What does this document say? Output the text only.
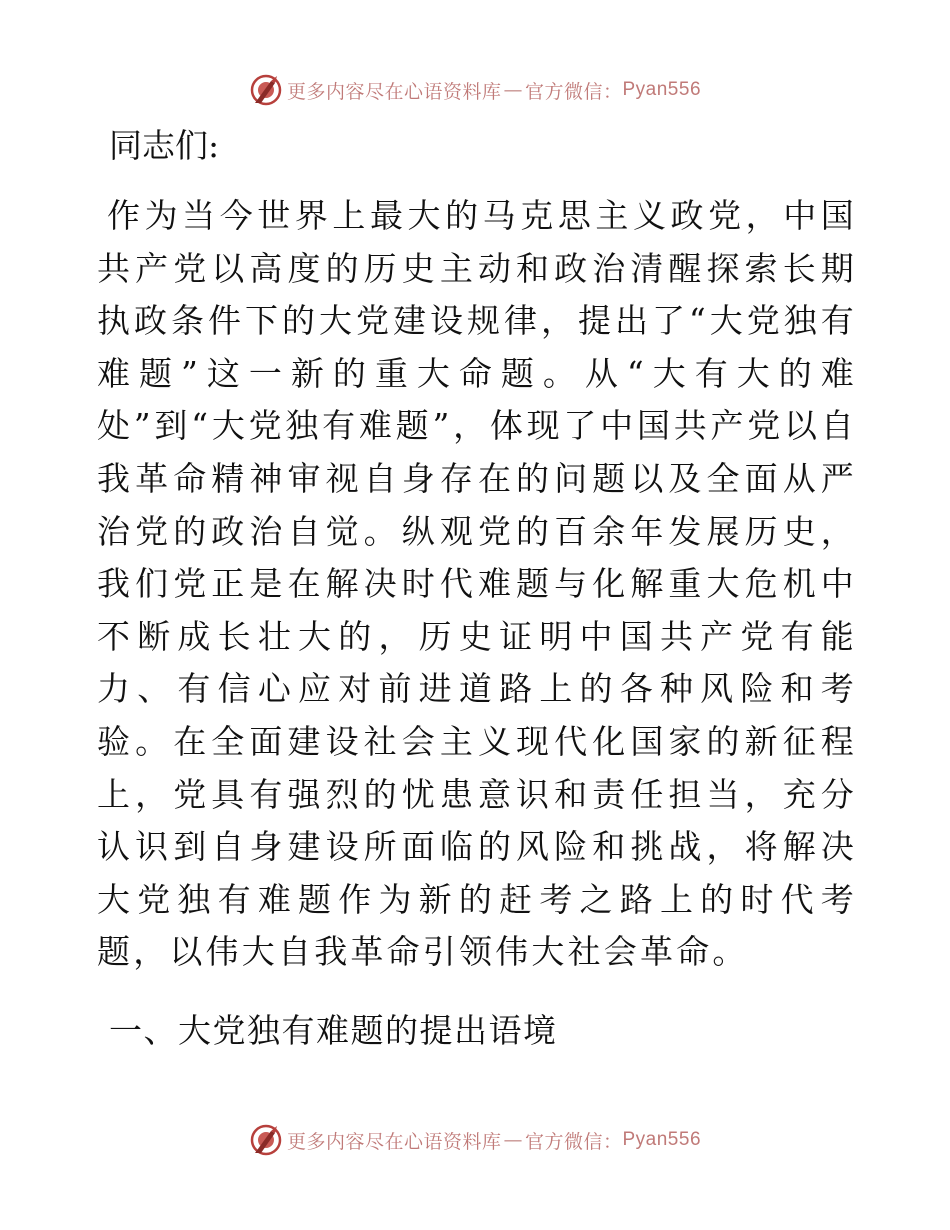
更多内容尽在心语资料库 — 官方微信： Pyan556
同志们:

作为当今世界上最大的马克思主义政党，中国共产党以高度的历史主动和政治清醒探索长期执政条件下的大党建设规律，提出了“大党独有难题”这一新的重大命题。从“大有大的难处”到“大党独有难题”，体现了中国共产党以自我革命精神审视自身存在的问题以及全面从严治党的政治自觉。纵观党的百余年发展历史，我们党正是在解决时代难题与化解重大危机中不断成长壮大的，历史证明中国共产党有能力、有信心应对前进道路上的各种风险和考验。在全面建设社会主义现代化国家的新征程上，党具有强烈的忧患意识和责任担当，充分认识到自身建设所面临的风险和挑战，将解决大党独有难题作为新的赶考之路上的时代考题，以伟大自我革命引领伟大社会革命。

一、大党独有难题的提出语境
更多内容尽在心语资料库 — 官方微信： Pyan556
